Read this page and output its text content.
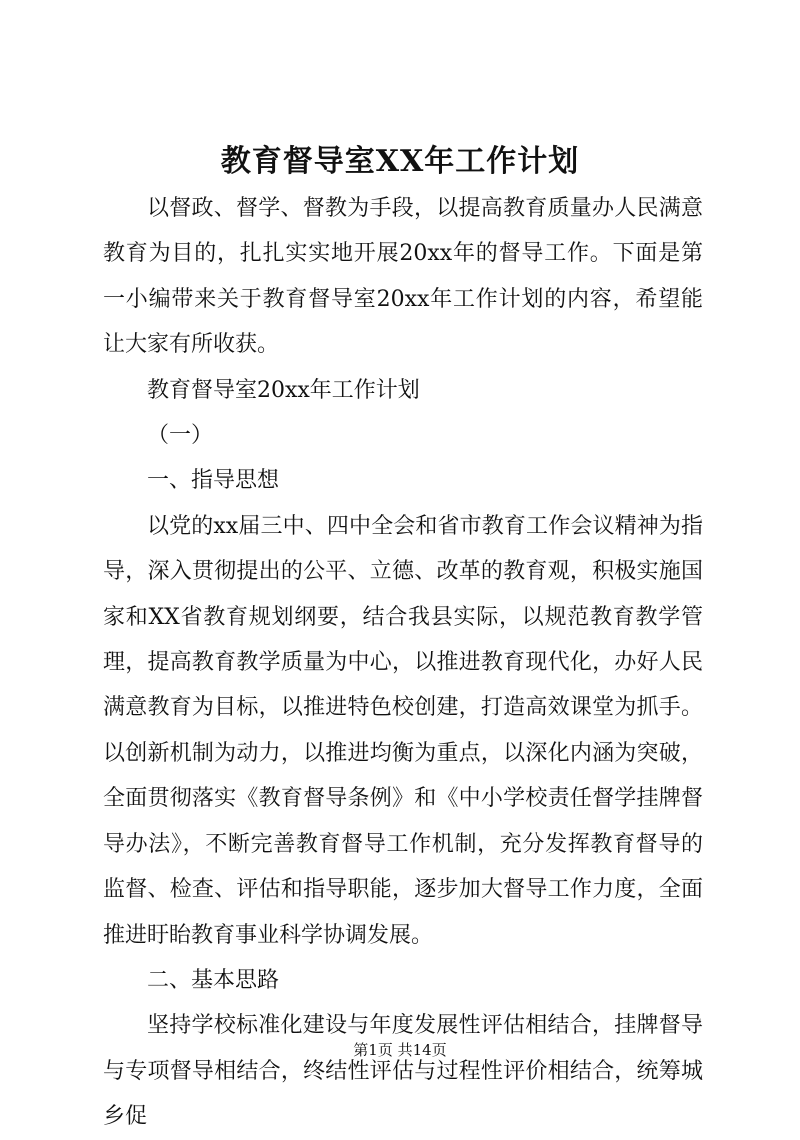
教育督导室XX年工作计划

以督政、督学、督教为手段，以提高教育质量办人民满意教育为目的，扎扎实实地开展20xx年的督导工作。下面是第一小编带来关于教育督导室20xx年工作计划的内容，希望能让大家有所收获。

教育督导室20xx年工作计划

（一）

一、指导思想

以党的xx届三中、四中全会和省市教育工作会议精神为指导，深入贯彻提出的公平、立德、改革的教育观，积极实施国家和XX省教育规划纲要，结合我县实际，以规范教育教学管理，提高教育教学质量为中心，以推进教育现代化，办好人民满意教育为目标，以推进特色校创建，打造高效课堂为抓手。以创新机制为动力，以推进均衡为重点，以深化内涵为突破，全面贯彻落实《教育督导条例》和《中小学校责任督学挂牌督导办法》，不断完善教育督导工作机制，充分发挥教育督导的监督、检查、评估和指导职能，逐步加大督导工作力度，全面推进盱眙教育事业科学协调发展。

二、基本思路

坚持学校标准化建设与年度发展性评估相结合，挂牌督导与专项督导相结合，终结性评估与过程性评价相结合，统筹城乡促

第1页 共14页
